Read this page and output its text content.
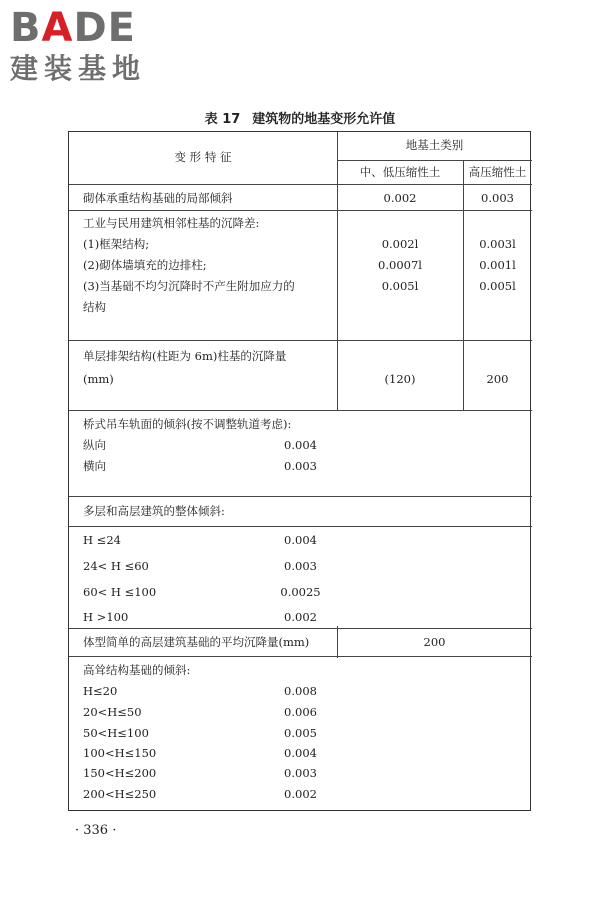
BADE
建装基地
表 17 建筑物的地基变形允许值
变 形 特 征
地基土类别
中、低压缩性土	高压缩性土
砌体承重结构基础的局部倾斜	0.002	0.003
工业与民用建筑相邻柱基的沉降差:
(1)框架结构;	0.002l	0.003l
(2)砌体墙填充的边排柱;	0.0007l	0.001l
(3)当基础不均匀沉降时不产生附加应力的	0.005l	0.005l
结构
单层排架结构(柱距为 6m)柱基的沉降量
(mm)	(120)	200
桥式吊车轨面的倾斜(按不调整轨道考虑):
纵向	0.004
横向	0.003
多层和高层建筑的整体倾斜:
H ≤24	0.004
24< H ≤60	0.003
60< H ≤100	0.0025
H >100	0.002
体型简单的高层建筑基础的平均沉降量(mm)	200
高耸结构基础的倾斜:
H≤20	0.008
20<H≤50	0.006
50<H≤100	0.005
100<H≤150	0.004
150<H≤200	0.003
200<H≤250	0.002
· 336 ·
